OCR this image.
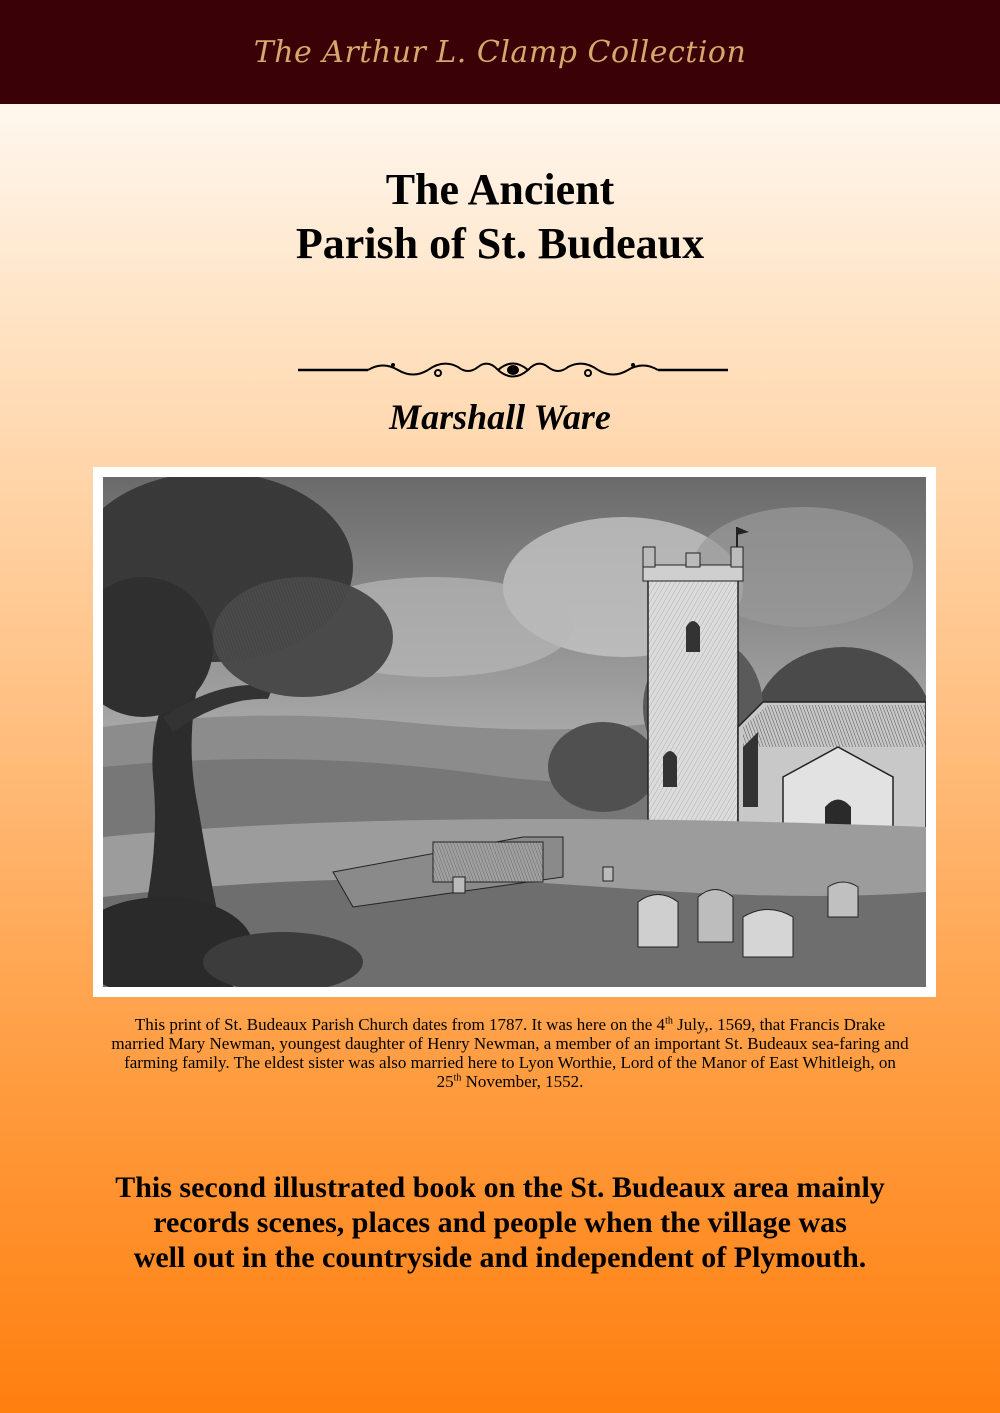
The Arthur L. Clamp Collection
The Ancient
Parish of St. Budeaux
Marshall Ware
This print of St. Budeaux Parish Church dates from 1787. It was here on the 4th July,. 1569, that Francis Drake married Mary Newman, youngest daughter of Henry Newman, a member of an important St. Budeaux sea-faring and farming family. The eldest sister was also married here to Lyon Worthie, Lord of the Manor of East Whitleigh, on 25th November, 1552.
This second illustrated book on the St. Budeaux area mainly
records scenes, places and people when the village was
well out in the countryside and independent of Plymouth.
